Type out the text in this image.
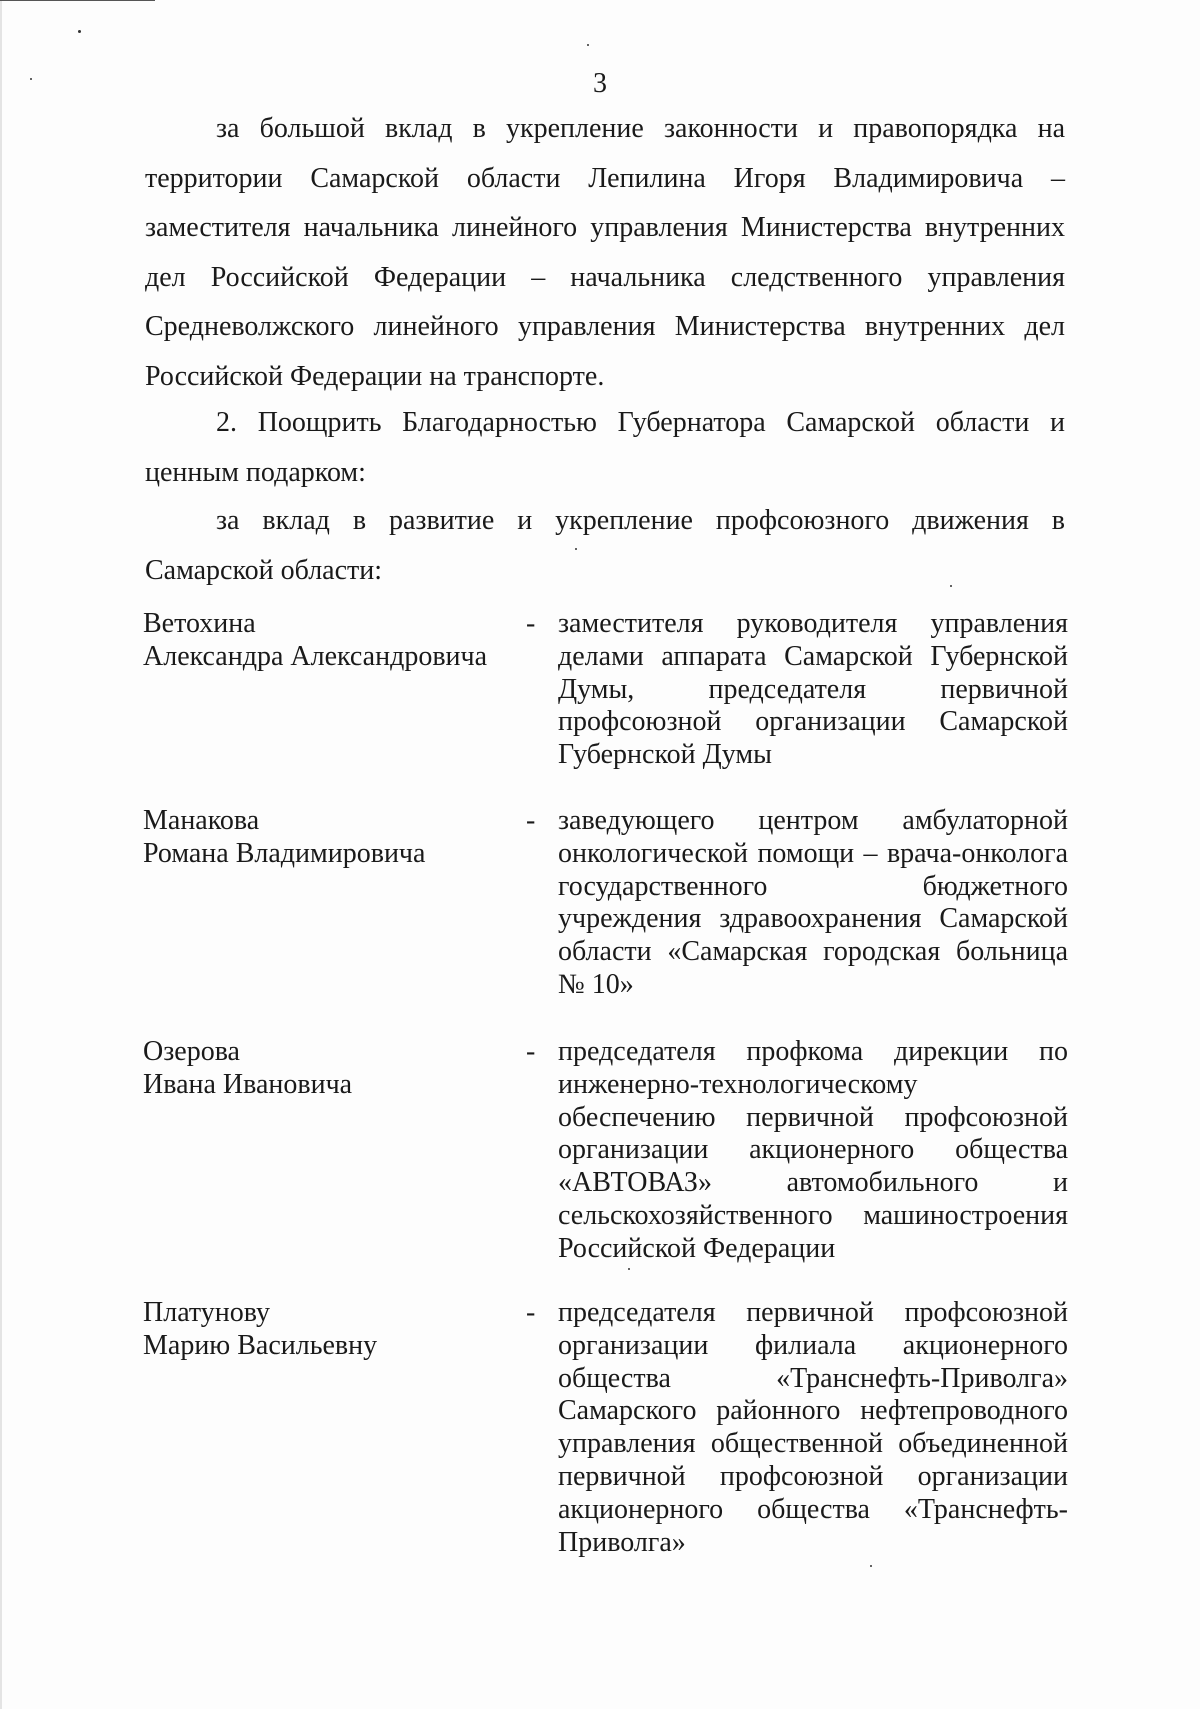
3

за большой вклад в укрепление законности и правопорядка на территории Самарской области Лепилина Игоря Владимировича – заместителя начальника линейного управления Министерства внутренних дел Российской Федерации – начальника следственного управления Средневолжского линейного управления Министерства внутренних дел Российской Федерации на транспорте.

2. Поощрить Благодарностью Губернатора Самарской области и ценным подарком:

за вклад в развитие и укрепление профсоюзного движения в Самарской области:

Ветохина
Александра Александровича
- заместителя руководителя управления делами аппарата Самарской Губернской Думы, председателя первичной профсоюзной организации Самарской Губернской Думы
Манакова
Романа Владимировича
- заведующего центром амбулаторной онкологической помощи – врача-онколога государственного бюджетного учреждения здравоохранения Самарской области «Самарская городская больница № 10»
Озерова
Ивана Ивановича
- председателя профкома дирекции по инженерно-технологическому обеспечению первичной профсоюзной организации акционерного общества «АВТОВАЗ» автомобильного и сельскохозяйственного машиностроения Российской Федерации
Платунову
Марию Васильевну
- председателя первичной профсоюзной организации филиала акционерного общества «Транснефть-Приволга» Самарского районного нефтепроводного управления общественной объединенной первичной профсоюзной организации акционерного общества «Транснефть-Приволга»
